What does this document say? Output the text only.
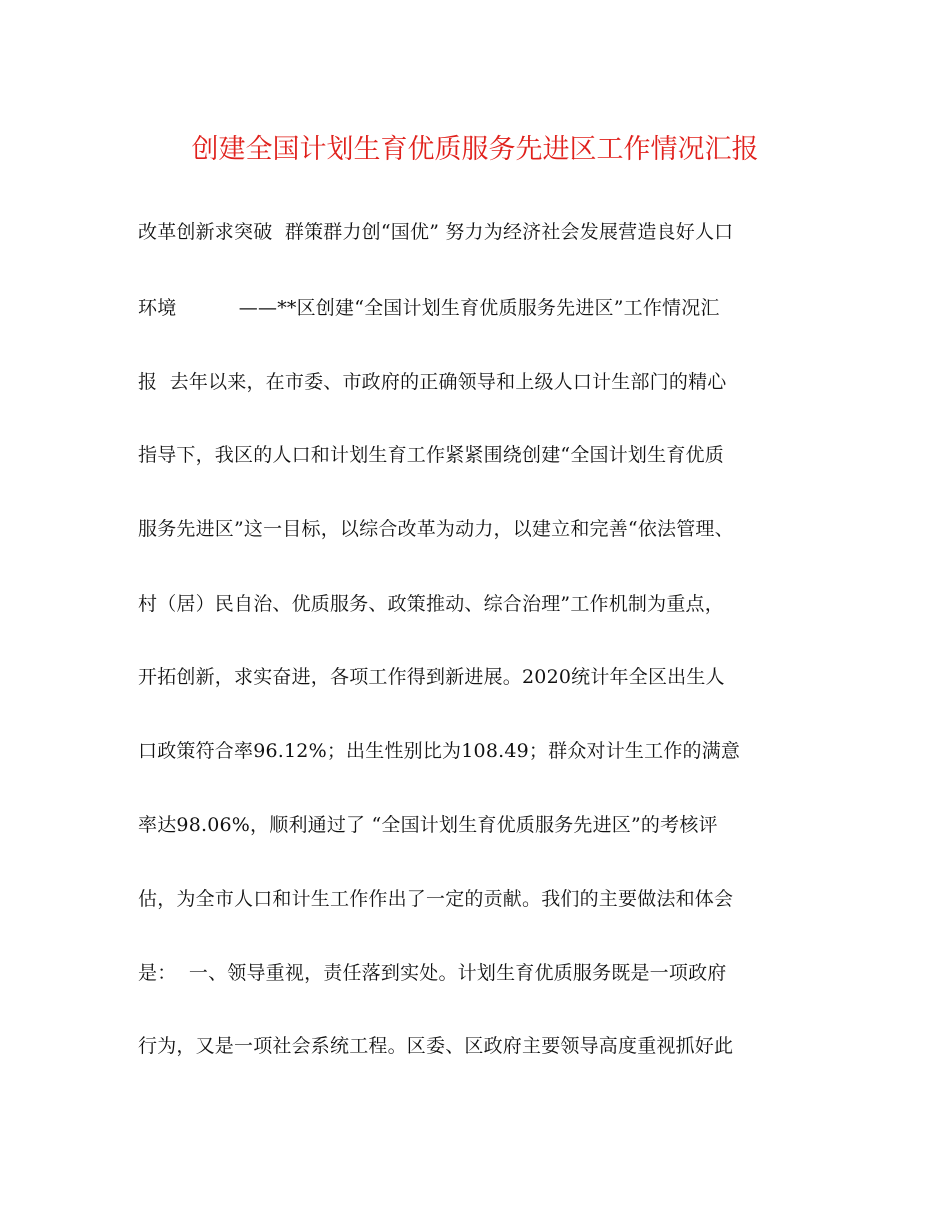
创建全国计划生育优质服务先进区工作情况汇报
改革创新求突破  群策群力创“国优” 努力为经济社会发展营造良好人口
环境          ——**区创建“全国计划生育优质服务先进区”工作情况汇
报  去年以来，在市委、市政府的正确领导和上级人口计生部门的精心
指导下，我区的人口和计划生育工作紧紧围绕创建“全国计划生育优质
服务先进区”这一目标，以综合改革为动力，以建立和完善“依法管理、
村（居）民自治、优质服务、政策推动、综合治理”工作机制为重点，
开拓创新，求实奋进，各项工作得到新进展。2020统计年全区出生人
口政策符合率96.12%；出生性别比为108.49；群众对计生工作的满意
率达98.06%，顺利通过了 “全国计划生育优质服务先进区”的考核评
估，为全市人口和计生工作作出了一定的贡献。我们的主要做法和体会
是：  一、领导重视，责任落到实处。计划生育优质服务既是一项政府
行为，又是一项社会系统工程。区委、区政府主要领导高度重视抓好此
